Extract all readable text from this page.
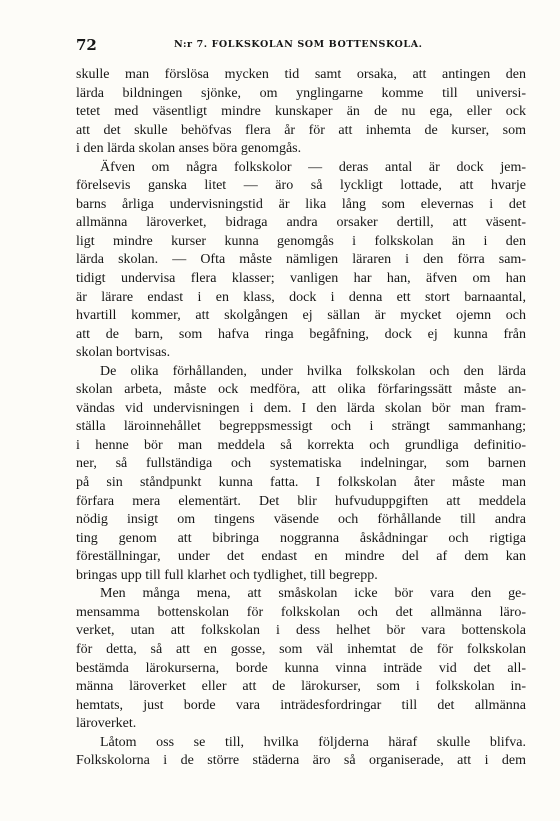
72	N:r 7. FOLKSKOLAN SOM BOTTENSKOLA.
skulle man förslösa mycken tid samt orsaka, att antingen den
lärda bildningen sjönke, om ynglingarne komme till universi-
tetet med väsentligt mindre kunskaper än de nu ega, eller ock
att det skulle behöfvas flera år för att inhemta de kurser, som
i den lärda skolan anses böra genomgås.
Äfven om några folkskolor — deras antal är dock jem-
förelsevis ganska litet — äro så lyckligt lottade, att hvarje
barns årliga undervisningstid är lika lång som elevernas i det
allmänna läroverket, bidraga andra orsaker dertill, att väsent-
ligt mindre kurser kunna genomgås i folkskolan än i den
lärda skolan. — Ofta måste nämligen läraren i den förra sam-
tidigt undervisa flera klasser; vanligen har han, äfven om han
är lärare endast i en klass, dock i denna ett stort barnaantal,
hvartill kommer, att skolgången ej sällan är mycket ojemn och
att de barn, som hafva ringa begåfning, dock ej kunna från
skolan bortvisas.
De olika förhållanden, under hvilka folkskolan och den lärda
skolan arbeta, måste ock medföra, att olika förfaringssätt måste an-
vändas vid undervisningen i dem. I den lärda skolan bör man fram-
ställa läroinnehållet begreppsmessigt och i strängt sammanhang;
i henne bör man meddela så korrekta och grundliga definitio-
ner, så fullständiga och systematiska indelningar, som barnen
på sin ståndpunkt kunna fatta. I folkskolan åter måste man
förfara mera elementärt. Det blir hufvuduppgiften att meddela
nödig insigt om tingens väsende och förhållande till andra
ting genom att bibringa noggranna åskådningar och rigtiga
föreställningar, under det endast en mindre del af dem kan
bringas upp till full klarhet och tydlighet, till begrepp.
Men många mena, att småskolan icke bör vara den ge-
mensamma bottenskolan för folkskolan och det allmänna läro-
verket, utan att folkskolan i dess helhet bör vara bottenskola
för detta, så att en gosse, som väl inhemtat de för folkskolan
bestämda lärokurserna, borde kunna vinna inträde vid det all-
männa läroverket eller att de lärokurser, som i folkskolan in-
hemtats, just borde vara inträdesfordringar till det allmänna
läroverket.
Låtom oss se till, hvilka följderna häraf skulle blifva.
Folkskolorna i de större städerna äro så organiserade, att i dem
